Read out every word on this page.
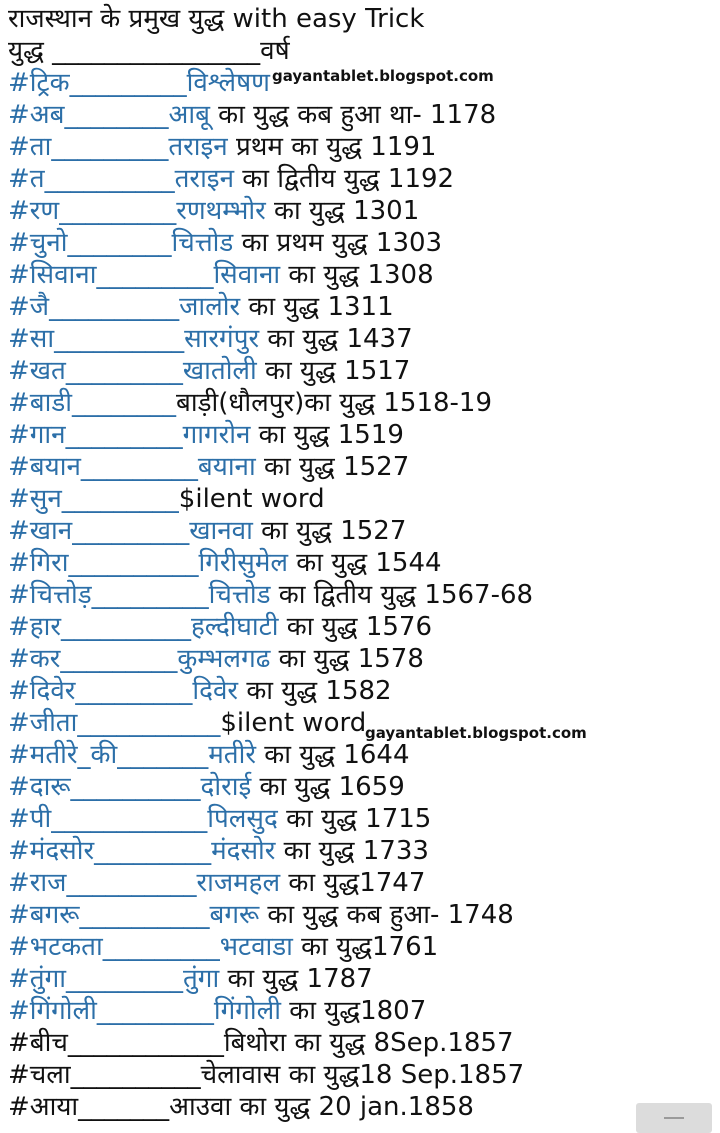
राजस्थान के प्रमुख युद्ध with easy Trick
युद्ध ________________वर्ष
#ट्रिक_________विश्लेषण
#अब________आबू का युद्ध कब हुआ था- 1178
#ता_________तराइन प्रथम का युद्ध 1191
#त__________तराइन का द्वितीय युद्ध 1192
#रण_________रणथम्भोर का युद्ध 1301
#चुनो________चित्तोड का प्रथम युद्ध 1303
#सिवाना_________सिवाना का युद्ध 1308
#जै__________जालोर का युद्ध 1311
#सा__________सारगंपुर का युद्ध 1437
#खत_________खातोली का युद्ध 1517
#बाडी________बाड़ी(धौलपुर)का युद्ध 1518-19
#गान_________गागरोन का युद्ध 1519
#बयान_________बयाना का युद्ध 1527
#सुन_________$ilent word
#खान_________खानवा का युद्ध 1527
#गिरा__________गिरीसुमेल का युद्ध 1544
#चित्तोड़_________चित्तोड का द्वितीय युद्ध 1567-68
#हार__________हल्दीघाटी का युद्ध 1576
#कर_________कुम्भलगढ का युद्ध 1578
#दिवेर_________दिवेर का युद्ध 1582
#जीता___________$ilent word
#मतीरे_की_______मतीरे का युद्ध 1644
#दारू__________दोराई का युद्ध 1659
#पी____________पिलसुद का युद्ध 1715
#मंदसोर_________मंदसोर का युद्ध 1733
#राज__________राजमहल का युद्ध1747
#बगरू__________बगरू का युद्ध कब हुआ- 1748
#भटकता_________भटवाडा का युद्ध1761
#तुंगा_________तुंगा का युद्ध 1787
#गिंगोली_________गिंगोली का युद्ध1807
#बीच____________बिथोरा का युद्ध 8Sep.1857
#चला__________चेलावास का युद्ध18 Sep.1857
#आया_______आउवा का युद्ध 20 jan.1858
gayantablet.blogspot.com
gayantablet.blogspot.com
